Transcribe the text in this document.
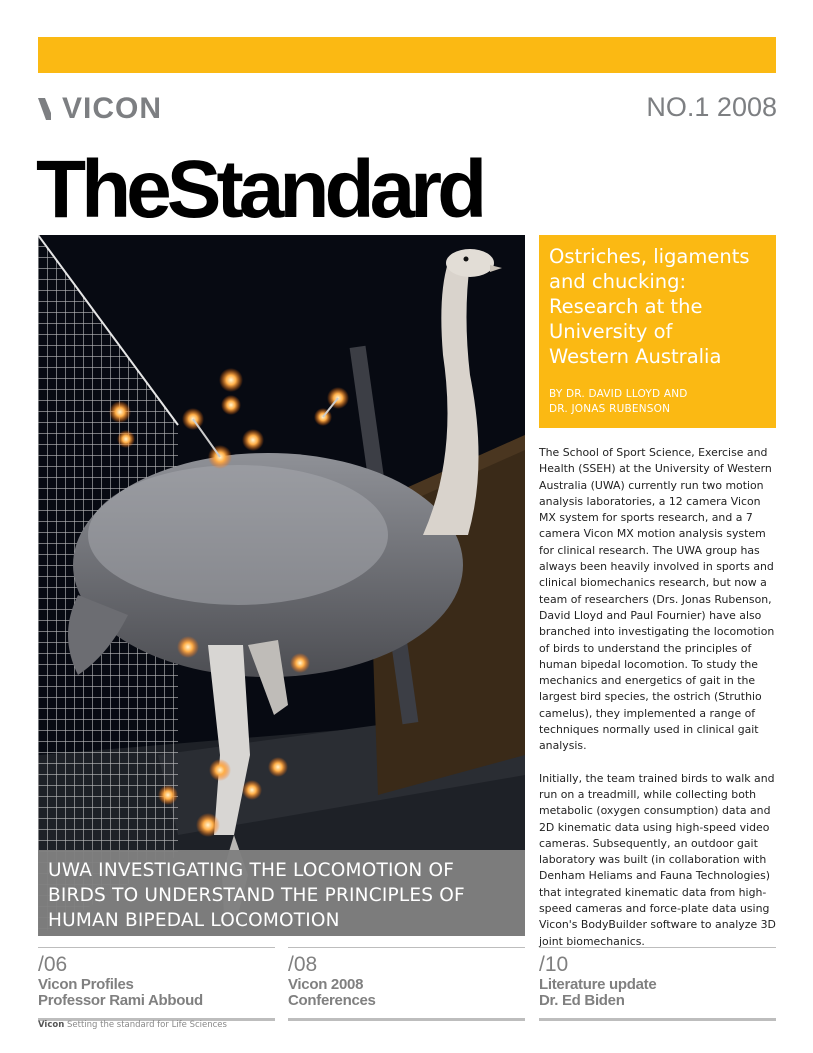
VICON	NO.1 2008
TheStandard
UWA INVESTIGATING THE LOCOMOTION OF
BIRDS TO UNDERSTAND THE PRINCIPLES OF
HUMAN BIPEDAL LOCOMOTION
Ostriches, ligaments
and chucking:
Research at the
University of
Western Australia
BY DR. DAVID LLOYD AND
DR. JONAS RUBENSON

The School of Sport Science, Exercise and Health (SSEH) at the University of Western Australia (UWA) currently run two motion analysis laboratories, a 12 camera Vicon MX system for sports research, and a 7 camera Vicon MX motion analysis system for clinical research. The UWA group has always been heavily involved in sports and clinical biomechanics research, but now a team of researchers (Drs. Jonas Rubenson, David Lloyd and Paul Fournier) have also branched into investigating the locomotion of birds to understand the principles of human bipedal locomotion. To study the mechanics and energetics of gait in the largest bird species, the ostrich (Struthio camelus), they implemented a range of techniques normally used in clinical gait analysis.

Initially, the team trained birds to walk and run on a treadmill, while collecting both metabolic (oxygen consumption) data and 2D kinematic data using high-speed video cameras. Subsequently, an outdoor gait laboratory was built (in collaboration with Denham Heliams and Fauna Technologies) that integrated kinematic data from high-speed cameras and force-plate data using Vicon's BodyBuilder software to analyze 3D joint biomechanics.

/06
Vicon Profiles
Professor Rami Abboud
/08
Vicon 2008
Conferences
/10
Literature update
Dr. Ed Biden
Vicon Setting the standard for Life Sciences
